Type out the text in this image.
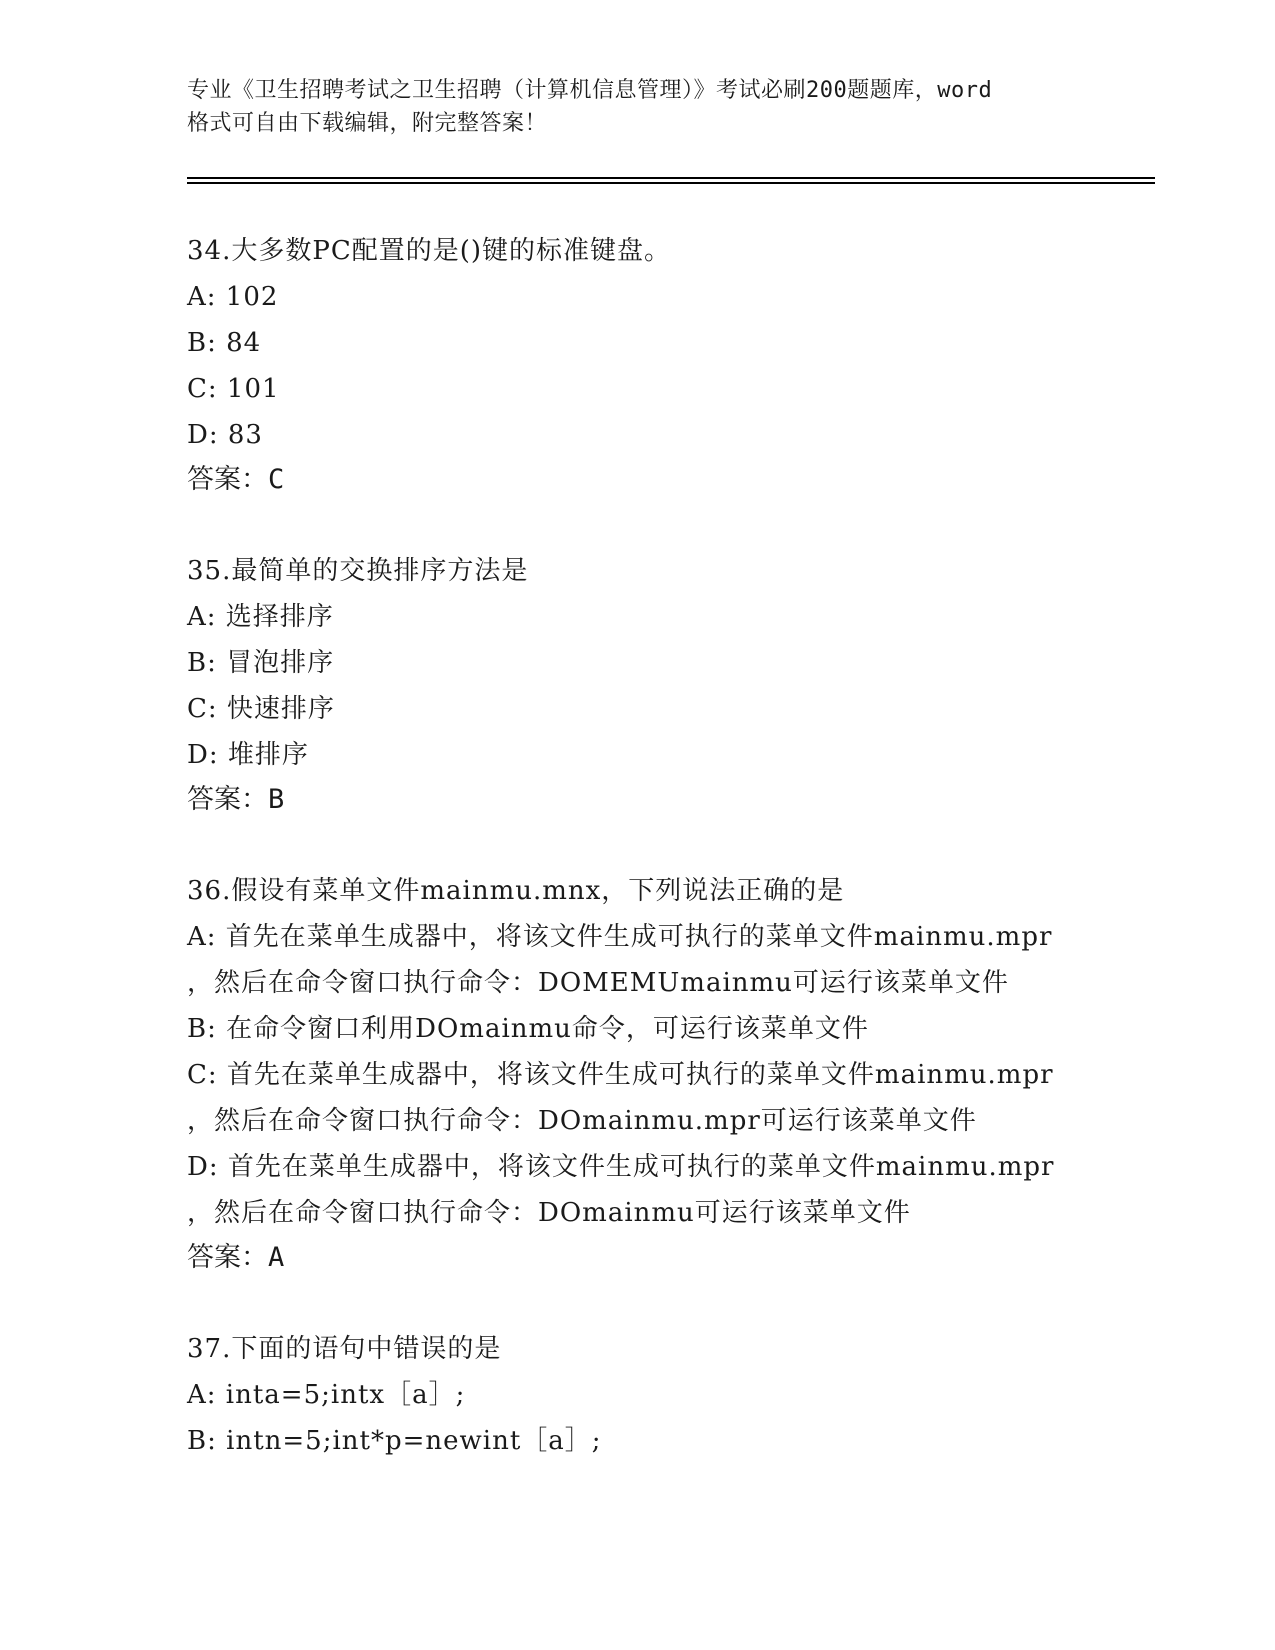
专业《卫生招聘考试之卫生招聘（计算机信息管理）》考试必刷200题题库，word
格式可自由下载编辑，附完整答案！
34.大多数PC配置的是()键的标准键盘。
A: 102
B: 84
C: 101
D: 83
答案：C
35.最简单的交换排序方法是
A: 选择排序
B: 冒泡排序
C: 快速排序
D: 堆排序
答案：B
36.假设有菜单文件mainmu.mnx，下列说法正确的是
A: 首先在菜单生成器中，将该文件生成可执行的菜单文件mainmu.mpr
，然后在命令窗口执行命令：DOMEMUmainmu可运行该菜单文件
B: 在命令窗口利用DOmainmu命令，可运行该菜单文件
C: 首先在菜单生成器中，将该文件生成可执行的菜单文件mainmu.mpr
，然后在命令窗口执行命令：DOmainmu.mpr可运行该菜单文件
D: 首先在菜单生成器中，将该文件生成可执行的菜单文件mainmu.mpr
，然后在命令窗口执行命令：DOmainmu可运行该菜单文件
答案：A
37.下面的语句中错误的是
A: inta=5;intx［a］;
B: intn=5;int*p=newint［a］;
